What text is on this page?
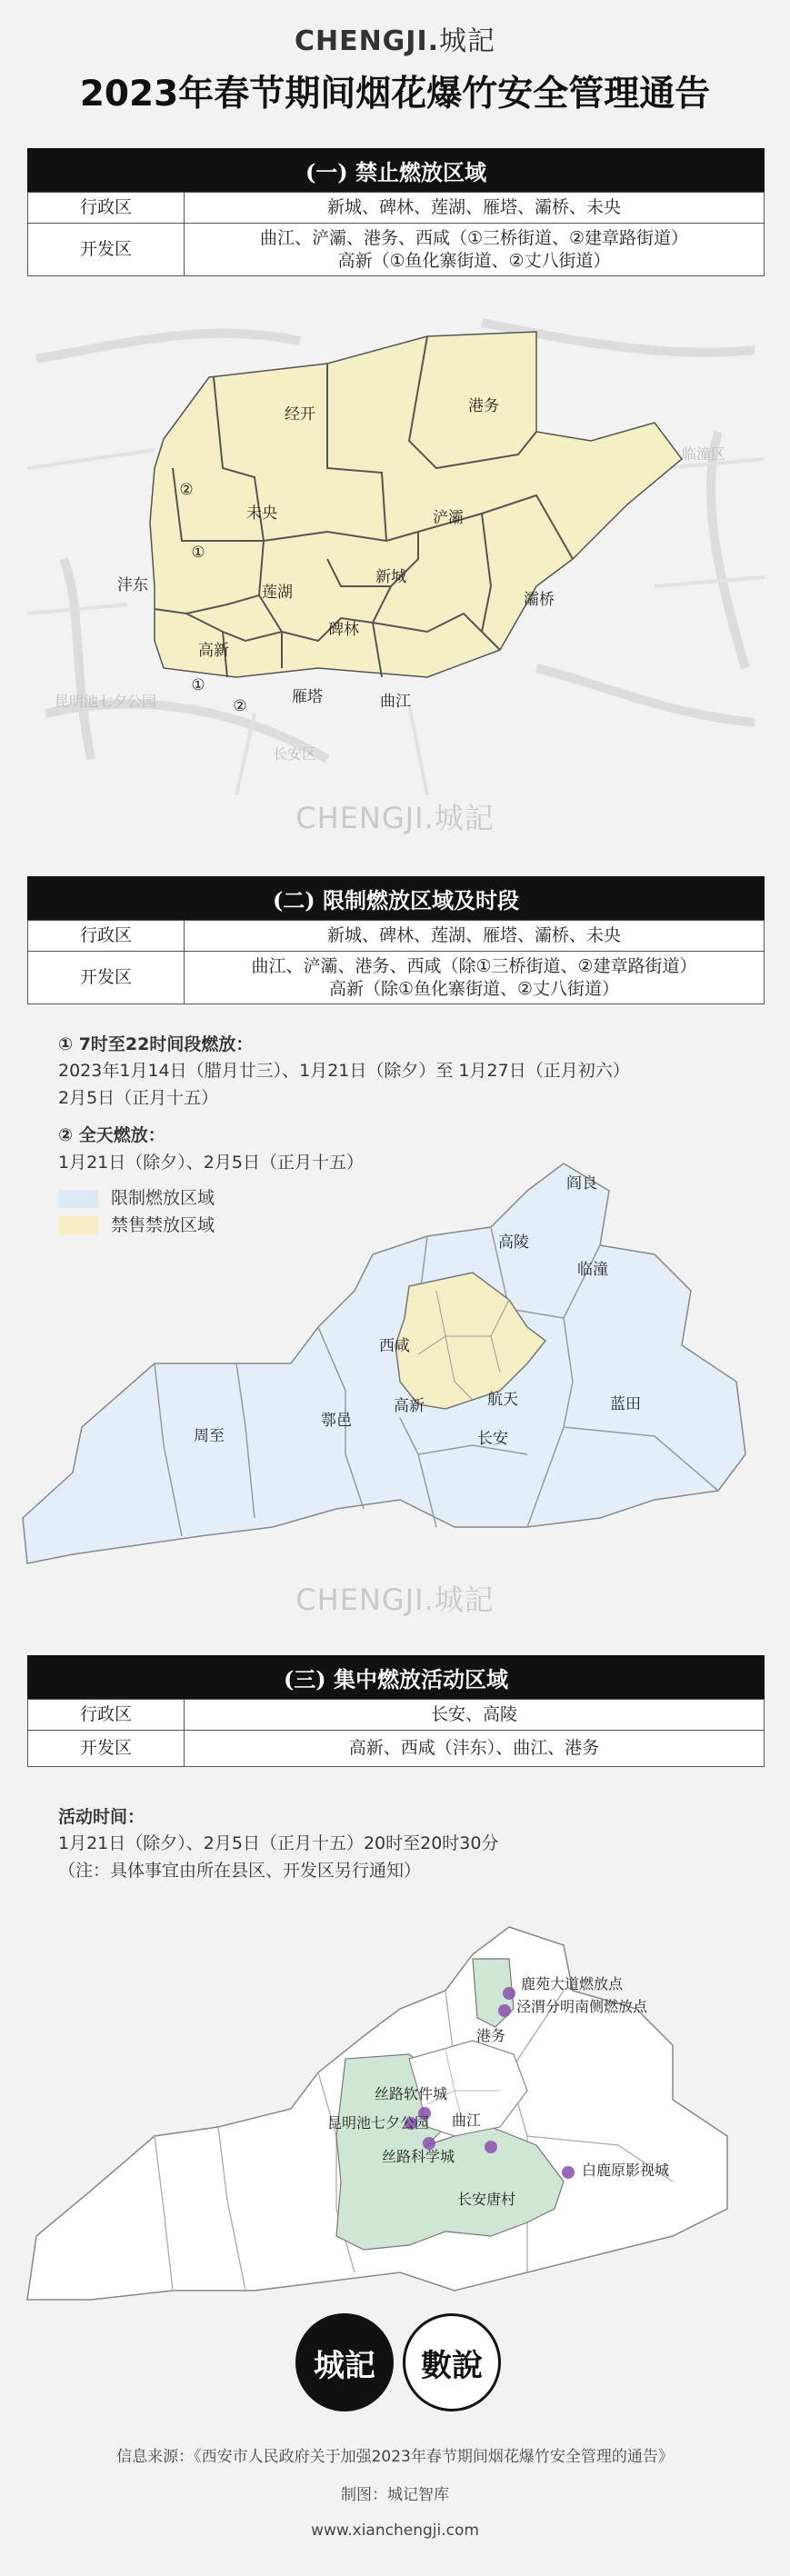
CHENGJI.城記
2023年春节期间烟花爆竹安全管理通告
(一) 禁止燃放区域
行政区	新城、碑林、莲湖、雁塔、灞桥、未央
开发区	曲江、浐灞、港务、西咸（①三桥街道、②建章路街道）
高新（①鱼化寨街道、②丈八街道）
经开	港务
未央	浐灞
沣东	莲湖
新城
灞桥
碑林
高新
雁塔	曲江
②
①
①
②
临潼区
昆明池七夕公园
长安区
CHENGJI.城記
(二) 限制燃放区域及时段
行政区	新城、碑林、莲湖、雁塔、灞桥、未央
开发区	曲江、浐灞、港务、西咸（除①三桥街道、②建章路街道）
高新（除①鱼化寨街道、②丈八街道）
① 7时至22时间段燃放：
2023年1月14日（腊月廿三）、1月21日（除夕）至 1月27日（正月初六）
2月5日（正月十五）
② 全天燃放：
1月21日（除夕）、2月5日（正月十五）
限制燃放区域
禁售禁放区域
阎良
高陵
临潼
西咸
高新	航天	蓝田
周至
鄠邑
长安
CHENGJI.城記
(三) 集中燃放活动区域
行政区	长安、高陵
开发区	高新、西咸（沣东）、曲江、港务
活动时间：
1月21日（除夕）、2月5日（正月十五）20时至20时30分
（注：具体事宜由所在县区、开发区另行通知）
鹿苑大道燃放点
泾渭分明南侧燃放点
港务
丝路软件城
曲江
昆明池七夕公园
丝路科学城
白鹿原影视城
长安唐村
城記	數說
信息来源：《西安市人民政府关于加强2023年春节期间烟花爆竹安全管理的通告》
制图：城记智库
www.xianchengji.com
